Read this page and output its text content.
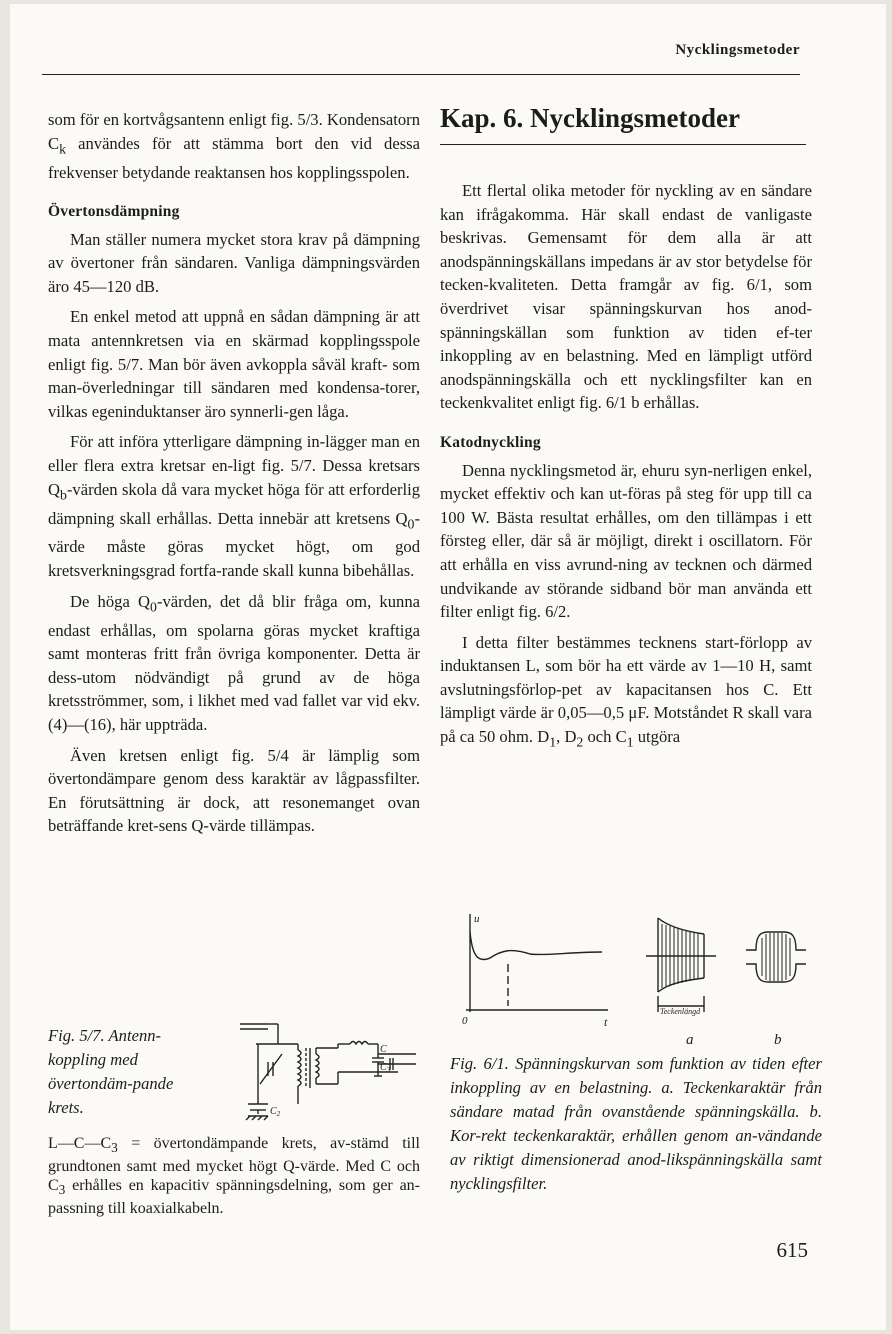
Nycklingsmetoder

som för en kortvågsantenn enligt fig. 5/3. Kondensatorn $C_k$ användes för att stämma bort den vid dessa frekvenser betydande reaktansen hos kopplingsspolen.

Övertonsdämpning

Man ställer numera mycket stora krav på dämpning av övertoner från sändaren. Vanliga dämpningsvärden äro 45—120 dB.

En enkel metod att uppnå en sådan dämpning är att mata antennkretsen via en skärmad kopplingsspole enligt fig. 5/7. Man bör även avkoppla såväl kraft- som man-överledningar till sändaren med kondensa-torer, vilkas egeninduktanser äro synnerli-gen låga.

För att införa ytterligare dämpning in-lägger man en eller flera extra kretsar en-ligt fig. 5/7. Dessa kretsars $Q_b$-värden skola då vara mycket höga för att erforderlig dämpning skall erhållas. Detta innebär att kretsens $Q_0$-värde måste göras mycket högt, om god kretsverkningsgrad fortfa-rande skall kunna bibehållas.

De höga $Q_0$-värden, det då blir fråga om, kunna endast erhållas, om spolarna göras mycket kraftiga samt monteras fritt från övriga komponenter. Detta är dess-utom nödvändigt på grund av de höga kretsströmmer, som, i likhet med vad fallet var vid ekv. (4)—(16), här uppträda.

Även kretsen enligt fig. 5/4 är lämplig som övertondämpare genom dess karaktär av lågpassfilter. En förutsättning är dock, att resonemanget ovan beträffande kret-sens Q-värde tillämpas.

Fig. 5/7. Antenn-koppling med övertondäm-pande krets.
C
$C_3$
$C_2$
$L—C—C_3$ = övertondämpande krets, av-stämd till grundtonen samt med mycket högt Q-värde. Med C och $C_3$ erhålles en kapacitiv spänningsdelning, som ger an-passning till koaxialkabeln.
Kap. 6. Nycklingsmetoder

Ett flertal olika metoder för nyckling av en sändare kan ifrågakomma. Här skall endast de vanligaste beskrivas. Gemensamt för dem alla är att anodspänningskällans impedans är av stor betydelse för tecken-kvaliteten. Detta framgår av fig. 6/1, som överdrivet visar spänningskurvan hos anod-spänningskällan som funktion av tiden ef-ter inkoppling av en belastning. Med en lämpligt utförd anodspänningskälla och ett nycklingsfilter kan en teckenkvalitet enligt fig. 6/1 b erhållas.

Katodnyckling

Denna nycklingsmetod är, ehuru syn-nerligen enkel, mycket effektiv och kan ut-föras på steg för upp till ca 100 W. Bästa resultat erhålles, om den tillämpas i ett försteg eller, där så är möjligt, direkt i oscillatorn. För att erhålla en viss avrund-ning av tecknen och därmed undvikande av störande sidband bör man använda ett filter enligt fig. 6/2.

I detta filter bestämmes tecknens start-förlopp av induktansen L, som bör ha ett värde av 1—10 H, samt avslutningsförlop-pet av kapacitansen hos C. Ett lämpligt värde är 0,05—0,5 μF. Motståndet R skall vara på ca 50 ohm. $D_1$, $D_2$ och $C_1$ utgöra

u
t
0
Teckenlängd
a	b
Fig. 6/1. Spänningskurvan som funktion av tiden efter inkoppling av en belastning. a. Teckenkaraktär från sändare matad från ovanstående spänningskälla. b. Kor-rekt teckenkaraktär, erhållen genom an-vändande av riktigt dimensionerad anod-likspänningskälla samt nycklingsfilter.
615
